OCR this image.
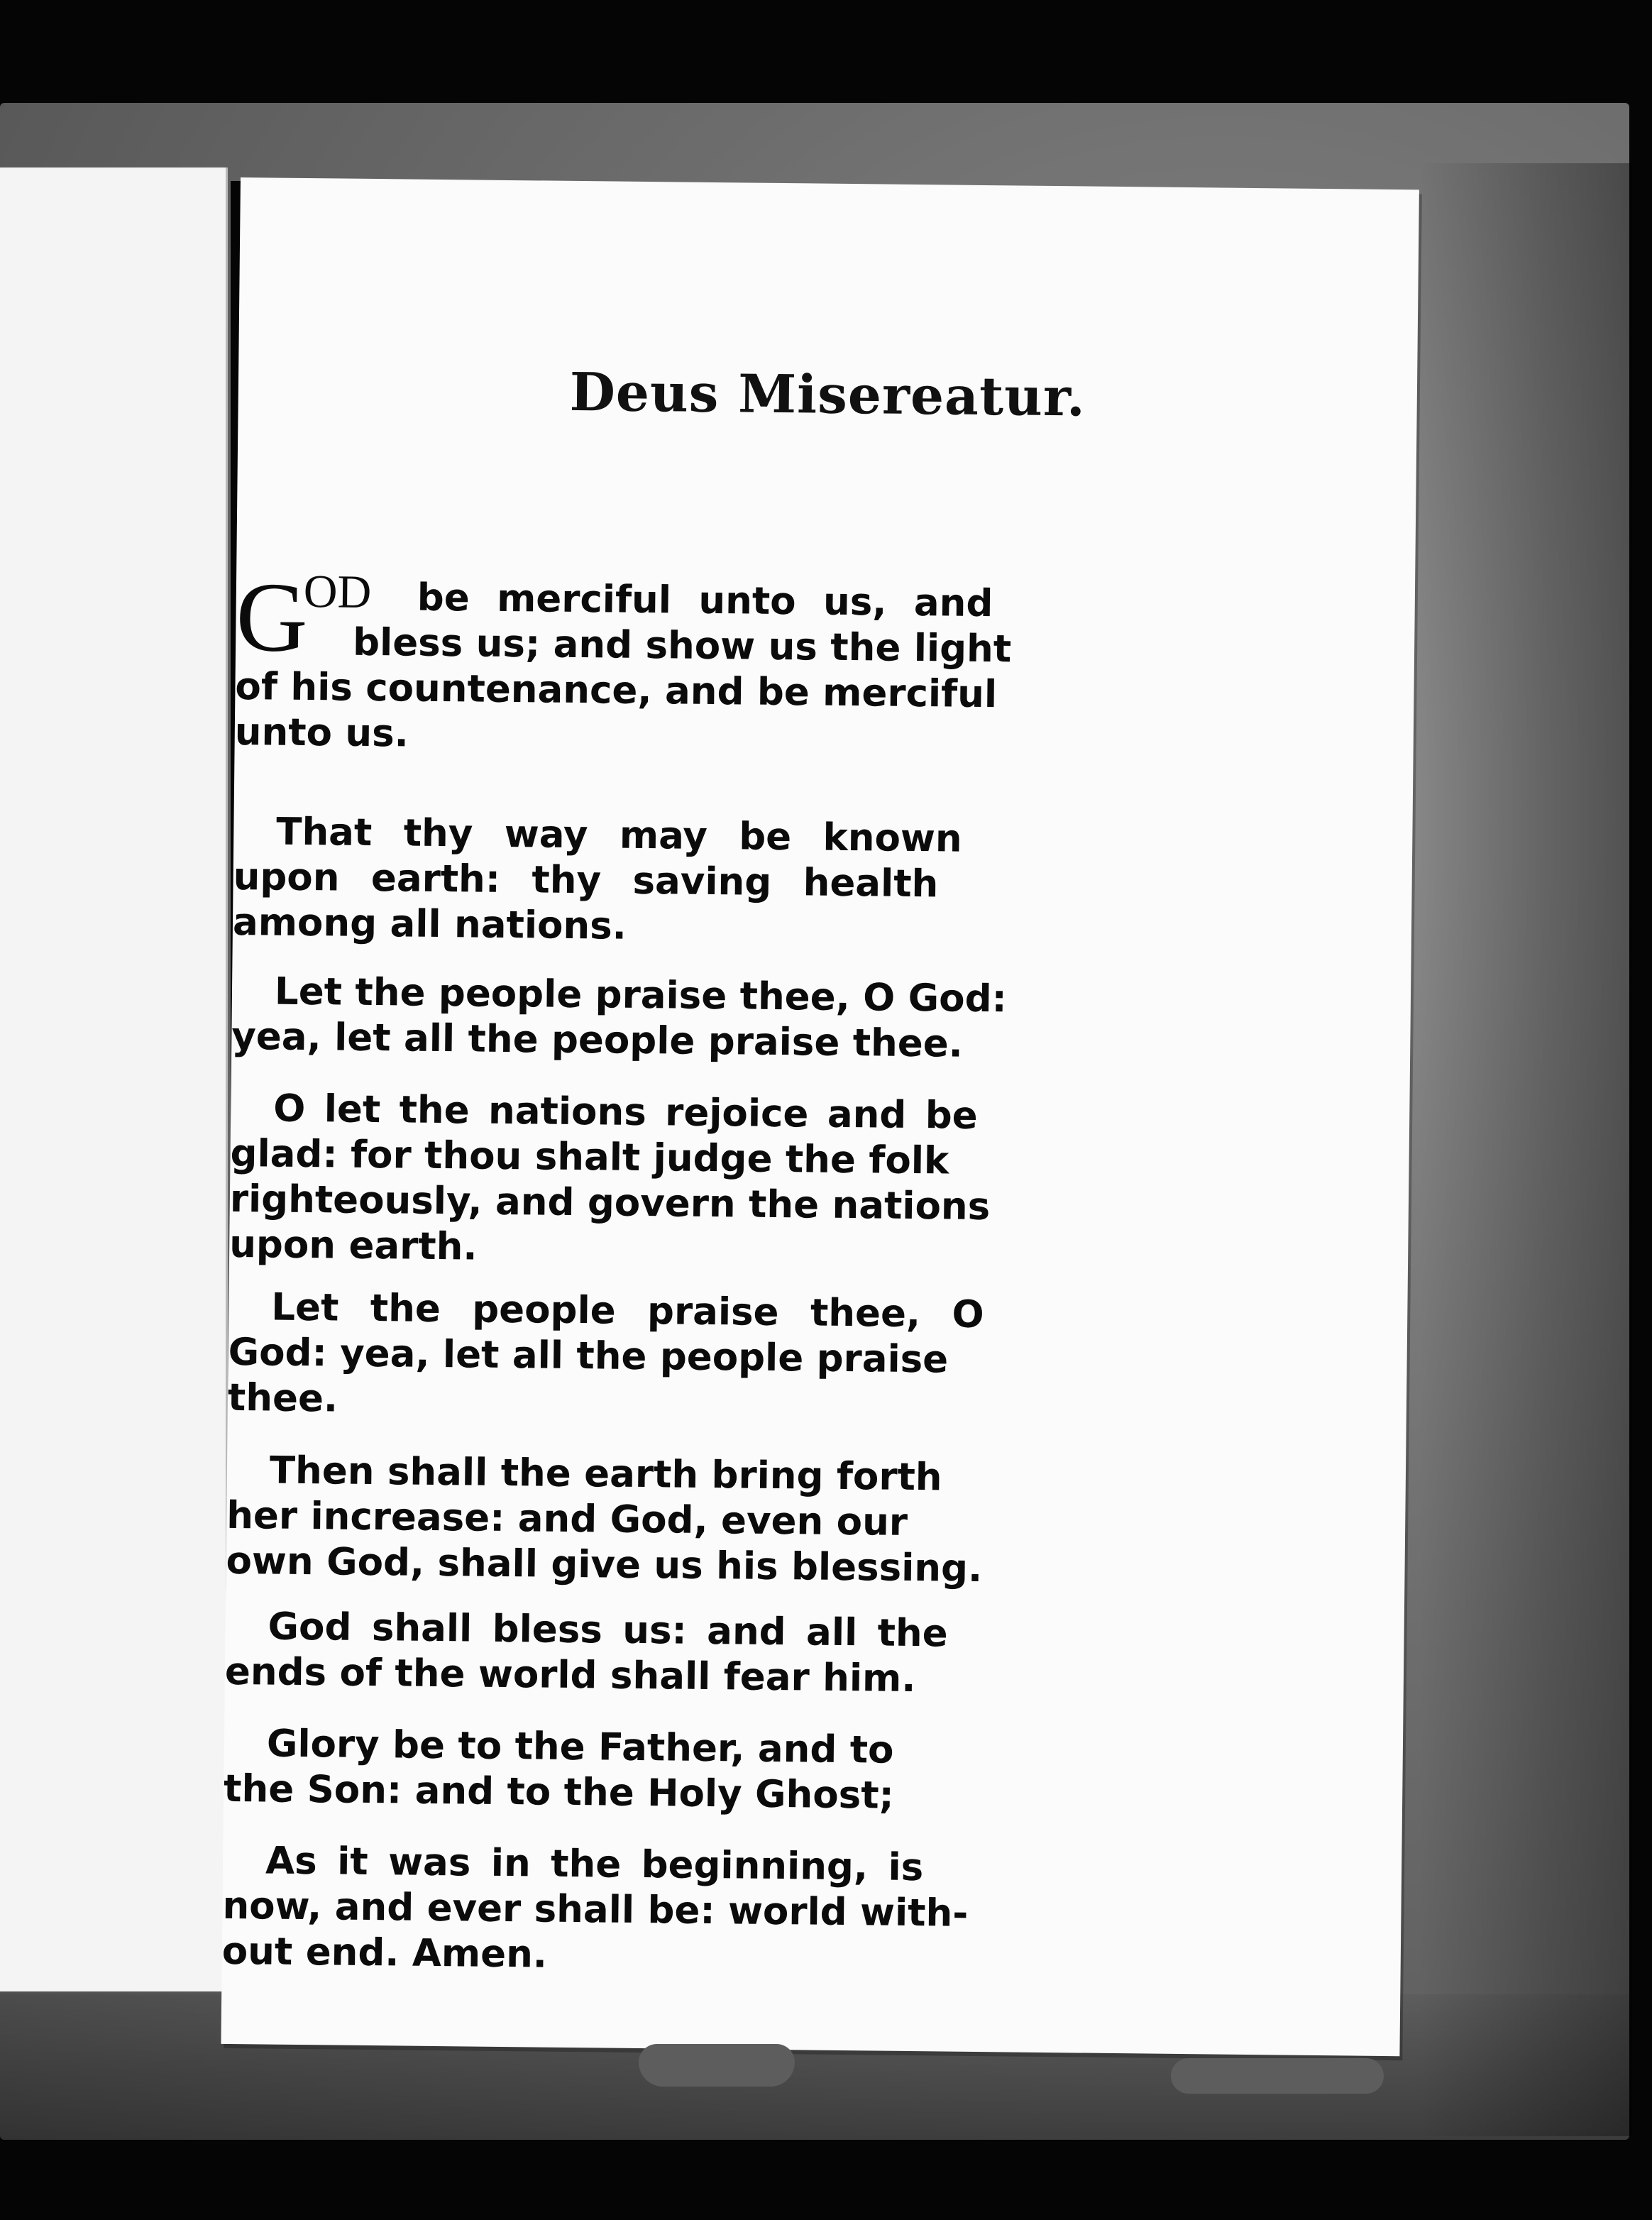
Deus Misereatur.
G
OD be merciful unto us, and
bless us; and show us the light
of his countenance, and be merciful
unto us.
That thy way may be known
upon earth: thy saving health
among all nations.
Let the people praise thee, O God:
yea, let all the people praise thee.
O let the nations rejoice and be
glad: for thou shalt judge the folk
righteously, and govern the nations
upon earth.
Let the people praise thee, O
God: yea, let all the people praise
thee.
Then shall the earth bring forth
her increase: and God, even our
own God, shall give us his blessing.
God shall bless us: and all the
ends of the world shall fear him.
Glory be to the Father, and to
the Son: and to the Holy Ghost;
As it was in the beginning, is
now, and ever shall be: world with-
out end. Amen.
